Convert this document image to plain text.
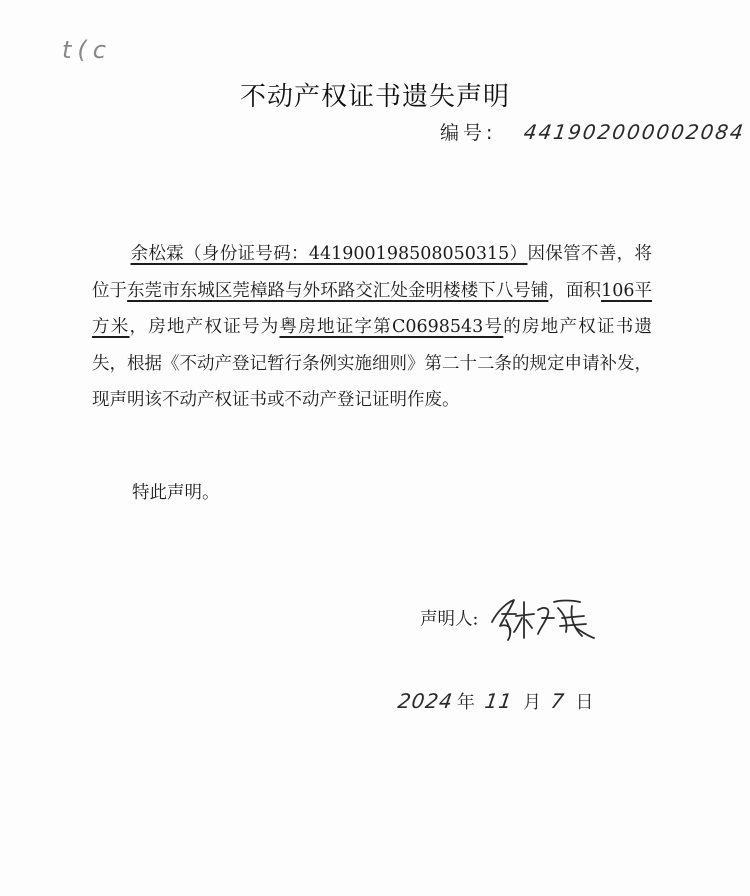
t(c
不动产权证书遗失声明
编号: 441902000002084

余松霖（身份证号码：441900198508050315）因保管不善，将位于东莞市东城区莞樟路与外环路交汇处金明楼楼下八号铺，面积106平方米，房地产权证号为粤房地证字第C0698543号的房地产权证书遗失，根据《不动产登记暂行条例实施细则》第二十二条的规定申请补发，现声明该不动产权证书或不动产登记证明作废。

特此声明。
声明人:
2024 年 11 月 7 日
